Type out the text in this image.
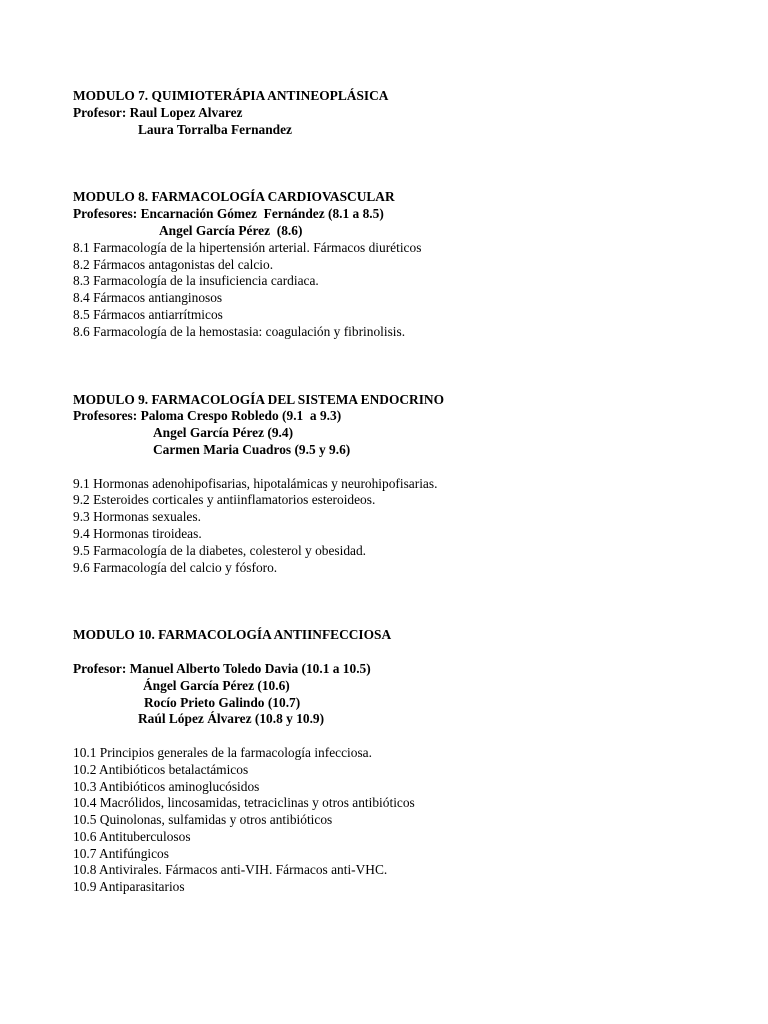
MODULO 7. QUIMIOTERÁPIA ANTINEOPLÁSICA
Profesor: Raul Lopez Alvarez
Laura Torralba Fernandez
MODULO 8. FARMACOLOGÍA CARDIOVASCULAR
Profesores: Encarnación Gómez  Fernández (8.1 a 8.5)
Angel García Pérez  (8.6)
8.1 Farmacología de la hipertensión arterial. Fármacos diuréticos
8.2 Fármacos antagonistas del calcio.
8.3 Farmacología de la insuficiencia cardiaca.
8.4 Fármacos antianginosos
8.5 Fármacos antiarrítmicos
8.6 Farmacología de la hemostasia: coagulación y fibrinolisis.
MODULO 9. FARMACOLOGÍA DEL SISTEMA ENDOCRINO
Profesores: Paloma Crespo Robledo (9.1  a 9.3)
Angel García Pérez (9.4)
Carmen Maria Cuadros (9.5 y 9.6)
9.1 Hormonas adenohipofisarias, hipotalámicas y neurohipofisarias.
9.2 Esteroides corticales y antiinflamatorios esteroideos.
9.3 Hormonas sexuales.
9.4 Hormonas tiroideas.
9.5 Farmacología de la diabetes, colesterol y obesidad.
9.6 Farmacología del calcio y fósforo.
MODULO 10. FARMACOLOGÍA ANTIINFECCIOSA
Profesor: Manuel Alberto Toledo Davia (10.1 a 10.5)
Ángel García Pérez (10.6)
Rocío Prieto Galindo (10.7)
Raúl López Álvarez (10.8 y 10.9)
10.1 Principios generales de la farmacología infecciosa.
10.2 Antibióticos betalactámicos
10.3 Antibióticos aminoglucósidos
10.4 Macrólidos, lincosamidas, tetraciclinas y otros antibióticos
10.5 Quinolonas, sulfamidas y otros antibióticos
10.6 Antituberculosos
10.7 Antifúngicos
10.8 Antivirales. Fármacos anti-VIH. Fármacos anti-VHC.
10.9 Antiparasitarios
